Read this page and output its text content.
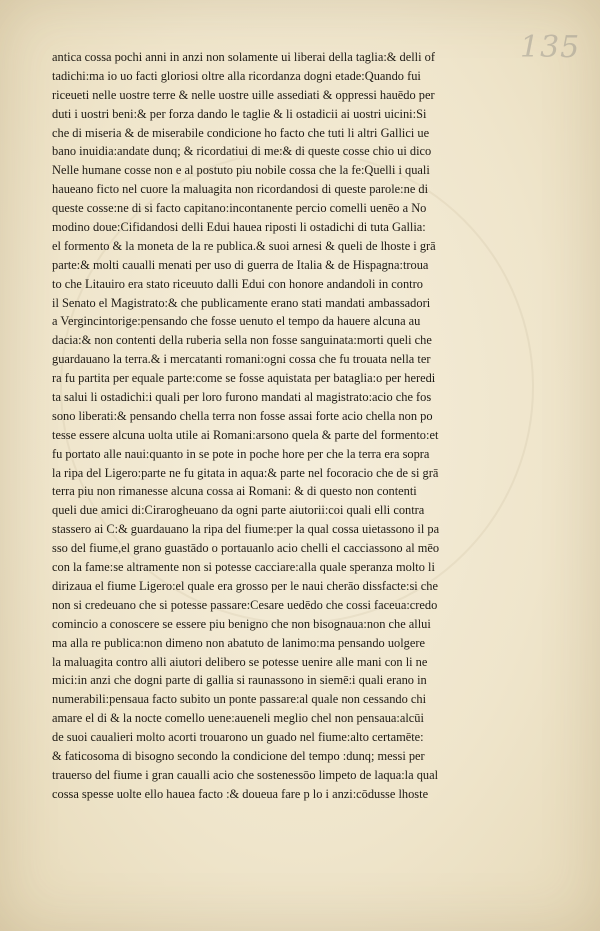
135
antica cossa pochi anni in anzi non solamente ui liberai della taglia:& delli of
tadichi:ma io uo facti gloriosi oltre alla ricordanza dogni etade:Quando fui
riceueti nelle uostre terre & nelle uostre uille assediati & oppressi hauēdo per
duti i uostri beni:& per forza dando le taglie & li ostadicii ai uostri uicini:Si
che di miseria & de miserabile condicione ho facto che tuti li altri Gallici ue
bano inuidia:andate dunq; & ricordatiui di me:& di queste cosse chio ui dico
Nelle humane cosse non e al postuto piu nobile cossa che la fe:Quelli i quali
haueano ficto nel cuore la maluagita non ricordandosi di queste parole:ne di
queste cosse:ne di si facto capitano:incontanente percio comelli uenēo a No
modino doue:Cifidandosi delli Edui hauea riposti li ostadichi di tuta Gallia:
el formento & la moneta de la re publica.& suoi arnesi & queli de lhoste i grā
parte:& molti caualli menati per uso di guerra de Italia & de Hispagna:troua
to che Litauiro era stato riceuuto dalli Edui con honore andandoli in contro
il Senato el Magistrato:& che publicamente erano stati mandati ambassadori
a Vergincintorige:pensando che fosse uenuto el tempo da hauere alcuna au
dacia:& non contenti della ruberia sella non fosse sanguinata:morti queli che
guardauano la terra.& i mercatanti romani:ogni cossa che fu trouata nella ter
ra fu partita per equale parte:come se fosse aquistata per bataglia:o per heredi
ta salui li ostadichi:i quali per loro furono mandati al magistrato:acio che fos
sono liberati:& pensando chella terra non fosse assai forte acio chella non po
tesse essere alcuna uolta utile ai Romani:arsono quela & parte del formento:et
fu portato alle naui:quanto in se pote in poche hore per che la terra era sopra
la ripa del Ligero:parte ne fu gitata in aqua:& parte nel focoracio che de si grā
terra piu non rimanesse alcuna cossa ai Romani: & di questo non contenti
queli due amici di:Cirarogheuano da ogni parte aiutorii:coi quali elli contra
stassero ai C:& guardauano la ripa del fiume:per la qual cossa uietassono il pa
sso del fiume,el grano guastādo o portauanlo acio chelli el cacciassono al mēo
con la fame:se altramente non si potesse cacciare:alla quale speranza molto li
dirizaua el fiume Ligero:el quale era grosso per le naui cherāo dissfacte:si che
non si credeuano che si potesse passare:Cesare uedēdo che cossi faceua:credo
comincio a conoscere se essere piu benigno che non bisognaua:non che allui
ma alla re publica:non dimeno non abatuto de lanimo:ma pensando uolgere
la maluagita contro alli aiutori delibero se potesse uenire alle mani con li ne
mici:in anzi che dogni parte di gallia si raunassono in siemē:i quali erano in
numerabili:pensaua facto subito un ponte passare:al quale non cessando chi
amare el di & la nocte comello uene:aueneli meglio chel non pensaua:alcūi
de suoi caualieri molto acorti trouarono un guado nel fiume:alto certamēte:
& faticosoma di bisogno secondo la condicione del tempo :dunq; messi per
trauerso del fiume i gran caualli acio che sostenessōo limpeto de laqua:la qual
cossa spesse uolte ello hauea facto :& doueua fare p lo i anzi:cōdusse lhoste
